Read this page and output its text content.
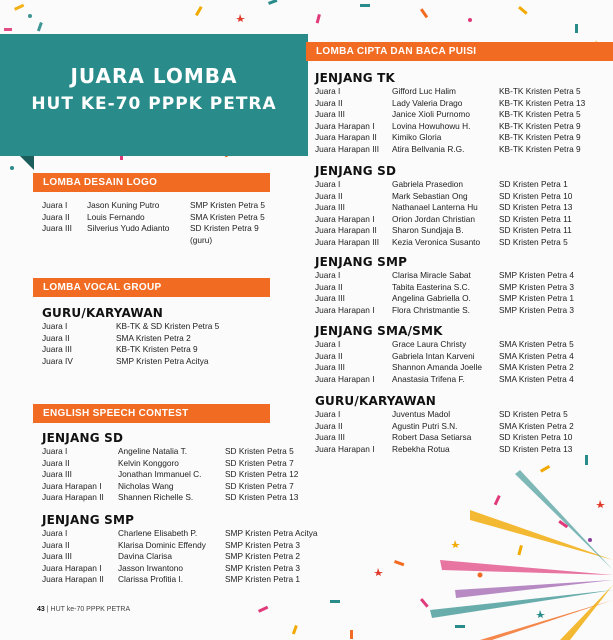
JUARA LOMBA
HUT KE-70 PPPK PETRA
LOMBA DESAIN LOGO
Juara I	Jason Kuning Putro	SMP Kristen Petra 5
Juara II	Louis Fernando	SMA Kristen Petra 5
Juara III	Silverius Yudo Adianto	SD Kristen Petra 9
(guru)
LOMBA VOCAL GROUP
GURU/KARYAWAN
Juara I	KB-TK & SD Kristen Petra 5
Juara II	SMA Kristen Petra 2
Juara III	KB-TK Kristen Petra 9
Juara IV	SMP Kristen Petra Acitya
ENGLISH SPEECH CONTEST
JENJANG SD
Juara I	Angeline Natalia T.	SD Kristen Petra 5
Juara II	Kelvin Konggoro	SD Kristen Petra 7
Juara III	Jonathan Immanuel C.	SD Kristen Petra 12
Juara Harapan I	Nicholas Wang	SD Kristen Petra 7
Juara Harapan II	Shannen Richelle S.	SD Kristen Petra 13
JENJANG SMP
Juara I	Charlene Elisabeth P.	SMP Kristen Petra Acitya
Juara II	Klarisa Dominic Effendy	SMP Kristen Petra 3
Juara III	Davina Clarisa	SMP Kristen Petra 2
Juara Harapan I	Jasson Irwantono	SMP Kristen Petra 3
Juara Harapan II	Clarissa Profitia I.	SMP Kristen Petra 1
LOMBA CIPTA DAN BACA PUISI
JENJANG TK
Juara I	Gifford Luc Halim	KB-TK Kristen Petra 5
Juara II	Lady Valeria Drago	KB-TK Kristen Petra 13
Juara III	Janice Xioli Purnomo	KB-TK Kristen Petra 5
Juara Harapan I	Lovina Howuhowu H.	KB-TK Kristen Petra 9
Juara Harapan II	Kimiko Gloria	KB-TK Kristen Petra 9
Juara Harapan III	Atira Bellvania R.G.	KB-TK Kristen Petra 9
JENJANG SD
Juara I	Gabriela Prasedion	SD Kristen Petra 1
Juara II	Mark Sebastian Ong	SD Kristen Petra 10
Juara III	Nathanael Lanterna Hu	SD Kristen Petra 13
Juara Harapan I	Orion Jordan Christian	SD Kristen Petra 11
Juara Harapan II	Sharon Sundjaja B.	SD Kristen Petra 11
Juara Harapan III	Kezia Veronica Susanto	SD Kristen Petra 5
JENJANG SMP
Juara I	Clarisa Miracle Sabat	SMP Kristen Petra 4
Juara II	Tabita Easterina S.C.	SMP Kristen Petra 3
Juara III	Angelina Gabriella O.	SMP Kristen Petra 1
Juara Harapan I	Flora Christmantie S.	SMP Kristen Petra 3
JENJANG SMA/SMK
Juara I	Grace Laura Christy	SMA Kristen Petra 5
Juara II	Gabriela Intan Karveni	SMA Kristen Petra 4
Juara III	Shannon Amanda Joelle	SMA Kristen Petra 2
Juara Harapan I	Anastasia Trifena F.	SMA Kristen Petra 4
GURU/KARYAWAN
Juara I	Juventus Madol	SD Kristen Petra 5
Juara II	Agustin Putri S.N.	SMA Kristen Petra 2
Juara III	Robert Dasa Setiarsa	SD Kristen Petra 10
Juara Harapan I	Rebekha Rotua	SD Kristen Petra 13
43 | HUT ke-70 PPPK PETRA
